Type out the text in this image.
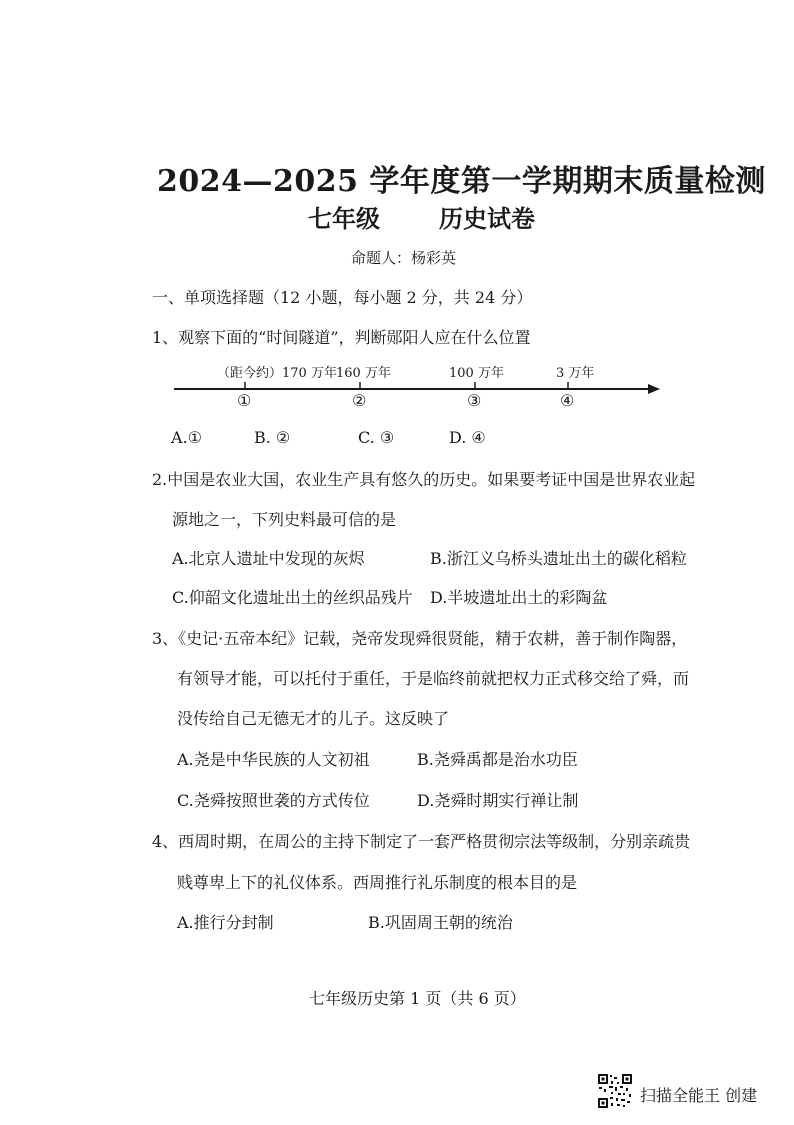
2024—2025 学年度第一学期期末质量检测
七年级 历史试卷
命题人：杨彩英
一、单项选择题（12 小题，每小题 2 分，共 24 分）
1、观察下面的“时间隧道”，判断郧阳人应在什么位置
（距今约）170 万年 160 万年	100 万年	3 万年
①	②	③	④
A.①	B. ②	C. ③	D. ④
2.中国是农业大国，农业生产具有悠久的历史。如果要考证中国是世界农业起
源地之一，下列史料最可信的是
A.北京人遗址中发现的灰烬	B.浙江义乌桥头遗址出土的碳化稻粒
C.仰韶文化遗址出土的丝织品残片 D.半坡遗址出土的彩陶盆
3、《史记·五帝本纪》记载，尧帝发现舜很贤能，精于农耕，善于制作陶器，
有领导才能，可以托付于重任，于是临终前就把权力正式移交给了舜，而
没传给自己无德无才的儿子。这反映了
A.尧是中华民族的人文初祖	B.尧舜禹都是治水功臣
C.尧舜按照世袭的方式传位	D.尧舜时期实行禅让制
4、西周时期，在周公的主持下制定了一套严格贯彻宗法等级制，分别亲疏贵
贱尊卑上下的礼仪体系。西周推行礼乐制度的根本目的是
A.推行分封制	B.巩固周王朝的统治
七年级历史第 1 页（共 6 页）
扫描全能王 创建
